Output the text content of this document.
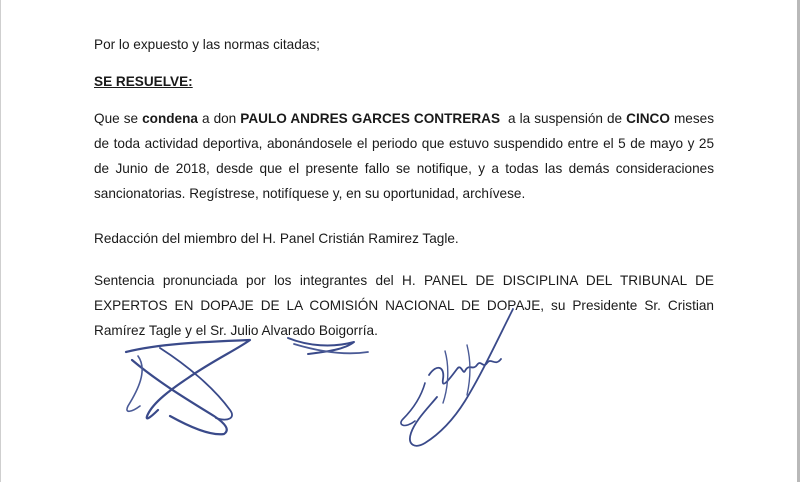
Por lo expuesto y las normas citadas;

SE RESUELVE:

Que se condena a don PAULO ANDRES GARCES CONTRERAS  a la suspensión de CINCO meses de toda actividad deportiva, abonándosele el periodo que estuvo suspendido entre el 5 de mayo y 25 de Junio de 2018, desde que el presente fallo se notifique, y a todas las demás consideraciones sancionatorias. Regístrese, notifíquese y, en su oportunidad, archívese.

Redacción del miembro del H. Panel Cristián Ramirez Tagle.

Sentencia pronunciada por los integrantes del H. PANEL DE DISCIPLINA DEL TRIBUNAL DE EXPERTOS EN DOPAJE DE LA COMISIÓN NACIONAL DE DOPAJE, su Presidente Sr. Cristian Ramírez Tagle y el Sr. Julio Alvarado Boigorría.
